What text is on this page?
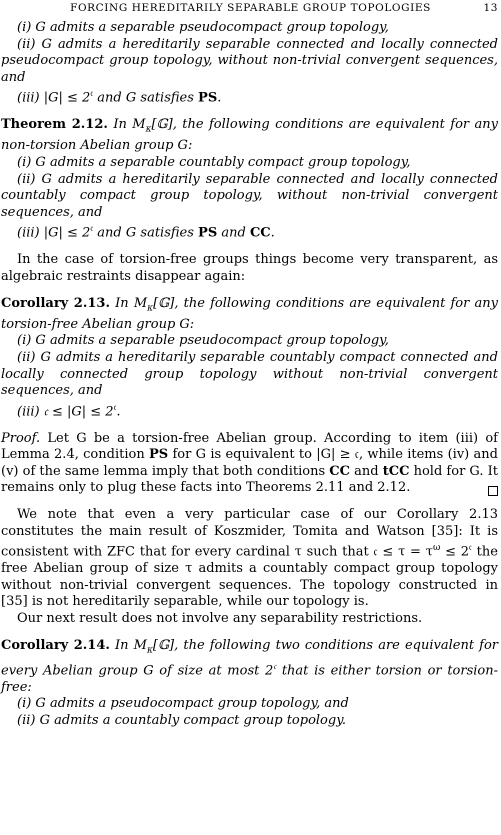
FORCING HEREDITARILY SEPARABLE GROUP TOPOLOGIES	13

(i) G admits a separable pseudocompact group topology,

(ii) G admits a hereditarily separable connected and locally connected pseudocompact group topology, without non-trivial convergent sequences, and

(iii) $|G| \le 2^𝔠$ and G satisfies PS.

Theorem 2.12. In $M_\kappa[𝔾]$, the following conditions are equivalent for any non-torsion Abelian group G:

(i) G admits a separable countably compact group topology,

(ii) G admits a hereditarily separable connected and locally connected countably compact group topology, without non-trivial convergent sequences, and

(iii) $|G| \le 2^𝔠$ and G satisfies PS and CC.

In the case of torsion-free groups things become very transparent, as algebraic restraints disappear again:

Corollary 2.13. In $M_\kappa[𝔾]$, the following conditions are equivalent for any torsion-free Abelian group G:

(i) G admits a separable pseudocompact group topology,

(ii) G admits a hereditarily separable countably compact connected and locally connected group topology without non-trivial convergent sequences, and

(iii) 𝔠 ≤ $|G| \le 2^𝔠$.

Proof. Let G be a torsion-free Abelian group. According to item (iii) of Lemma 2.4, condition PS for G is equivalent to |G| ≥ 𝔠, while items (iv) and (v) of the same lemma imply that both conditions CC and tCC hold for G. It remains only to plug these facts into Theorems 2.11 and 2.12.

We note that even a very particular case of our Corollary 2.13 constitutes the main result of Koszmider, Tomita and Watson [35]: It is consistent with ZFC that for every cardinal τ such that 𝔠 ≤ $\tau = \tau^\omega \le 2^𝔠$ the free Abelian group of size τ admits a countably compact group topology without non-trivial convergent sequences. The topology constructed in [35] is not hereditarily separable, while our topology is.

Our next result does not involve any separability restrictions.

Corollary 2.14. In $M_\kappa[𝔾]$, the following two conditions are equivalent for every Abelian group G of size at most $2^𝔠$ that is either torsion or torsion-free:

(i) G admits a pseudocompact group topology, and

(ii) G admits a countably compact group topology.
